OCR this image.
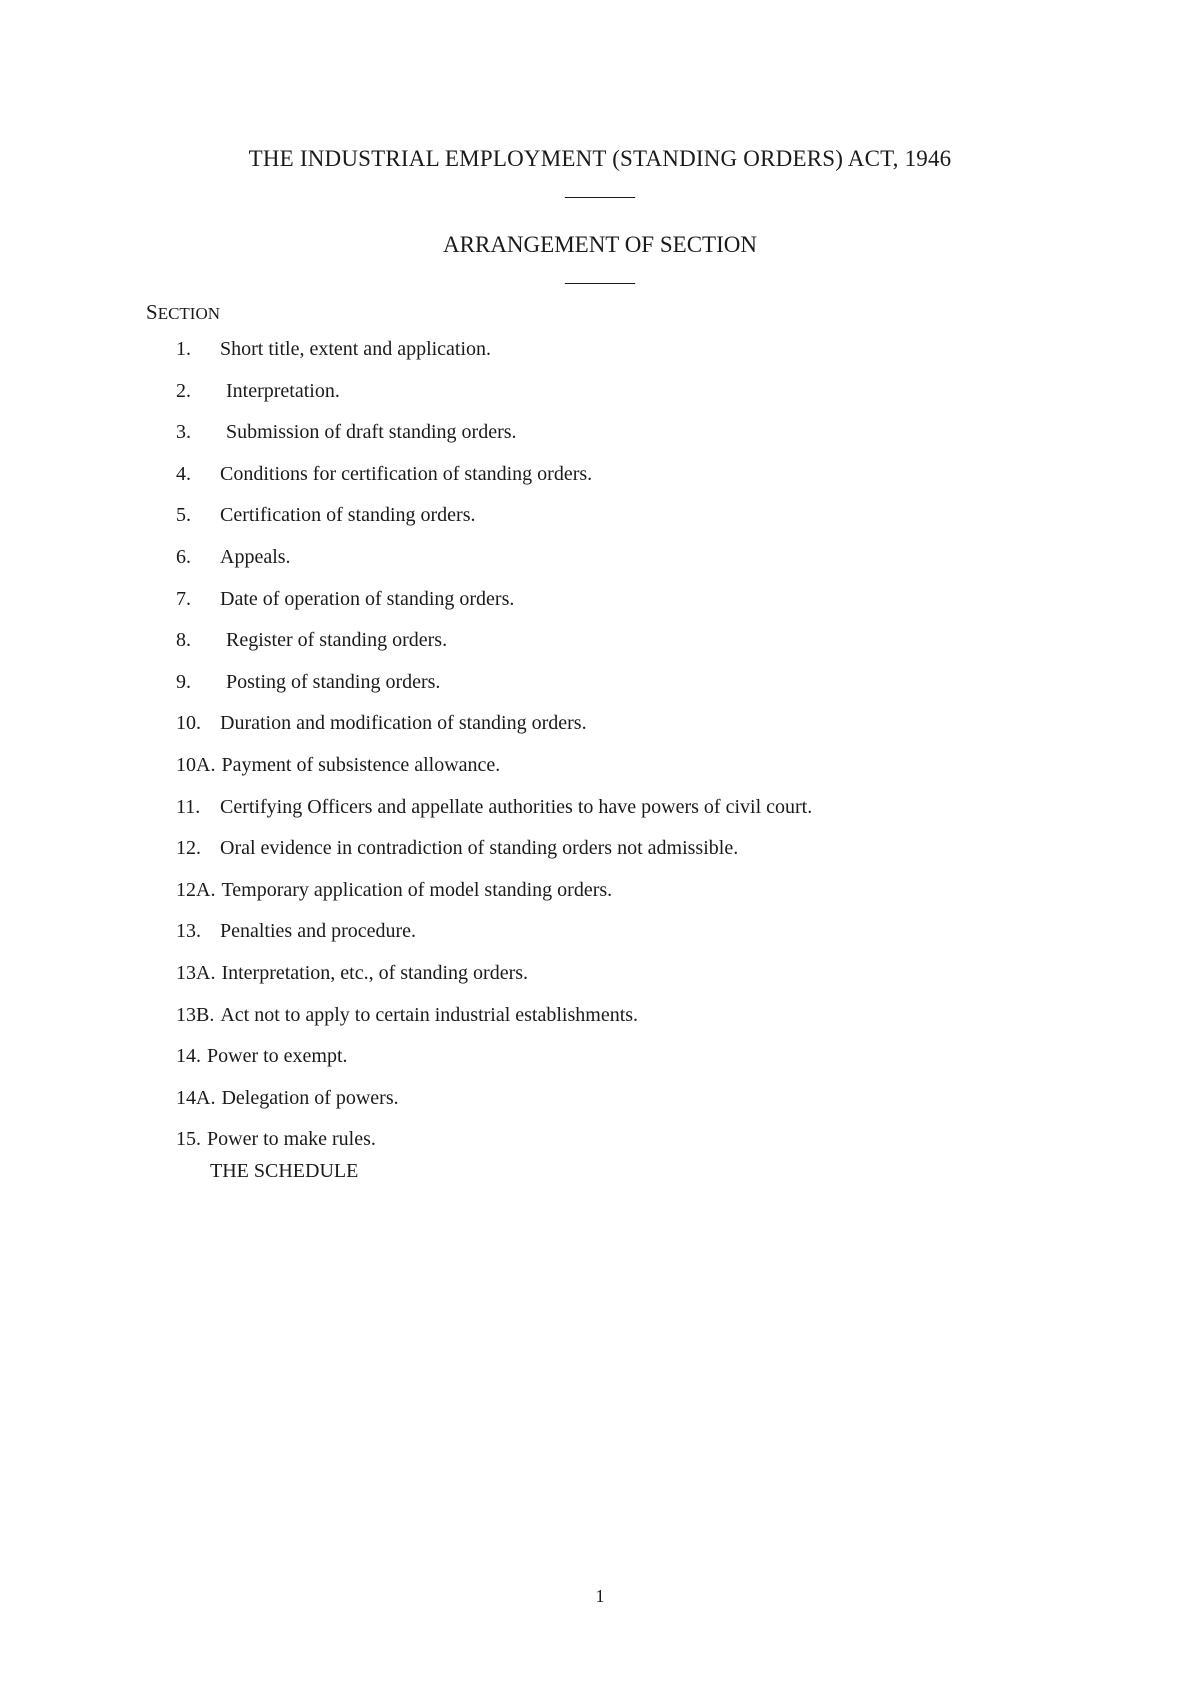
THE INDUSTRIAL EMPLOYMENT (STANDING ORDERS) ACT, 1946
———–
ARRANGEMENT OF SECTION
———–
SECTION
1.	Short title, extent and application.
2.	Interpretation.
3.	Submission of draft standing orders.
4.	Conditions for certification of standing orders.
5.	Certification of standing orders.
6.	Appeals.
7.	Date of operation of standing orders.
8.	Register of standing orders.
9.	Posting of standing orders.
10. Duration and modification of standing orders.
10A. Payment of subsistence allowance.
11. Certifying Officers and appellate authorities to have powers of civil court.
12. Oral evidence in contradiction of standing orders not admissible.
12A. Temporary application of model standing orders.
13. Penalties and procedure.
13A. Interpretation, etc., of standing orders.
13B. Act not to apply to certain industrial establishments.
14. Power to exempt.
14A. Delegation of powers.
15. Power to make rules.
THE SCHEDULE
1
